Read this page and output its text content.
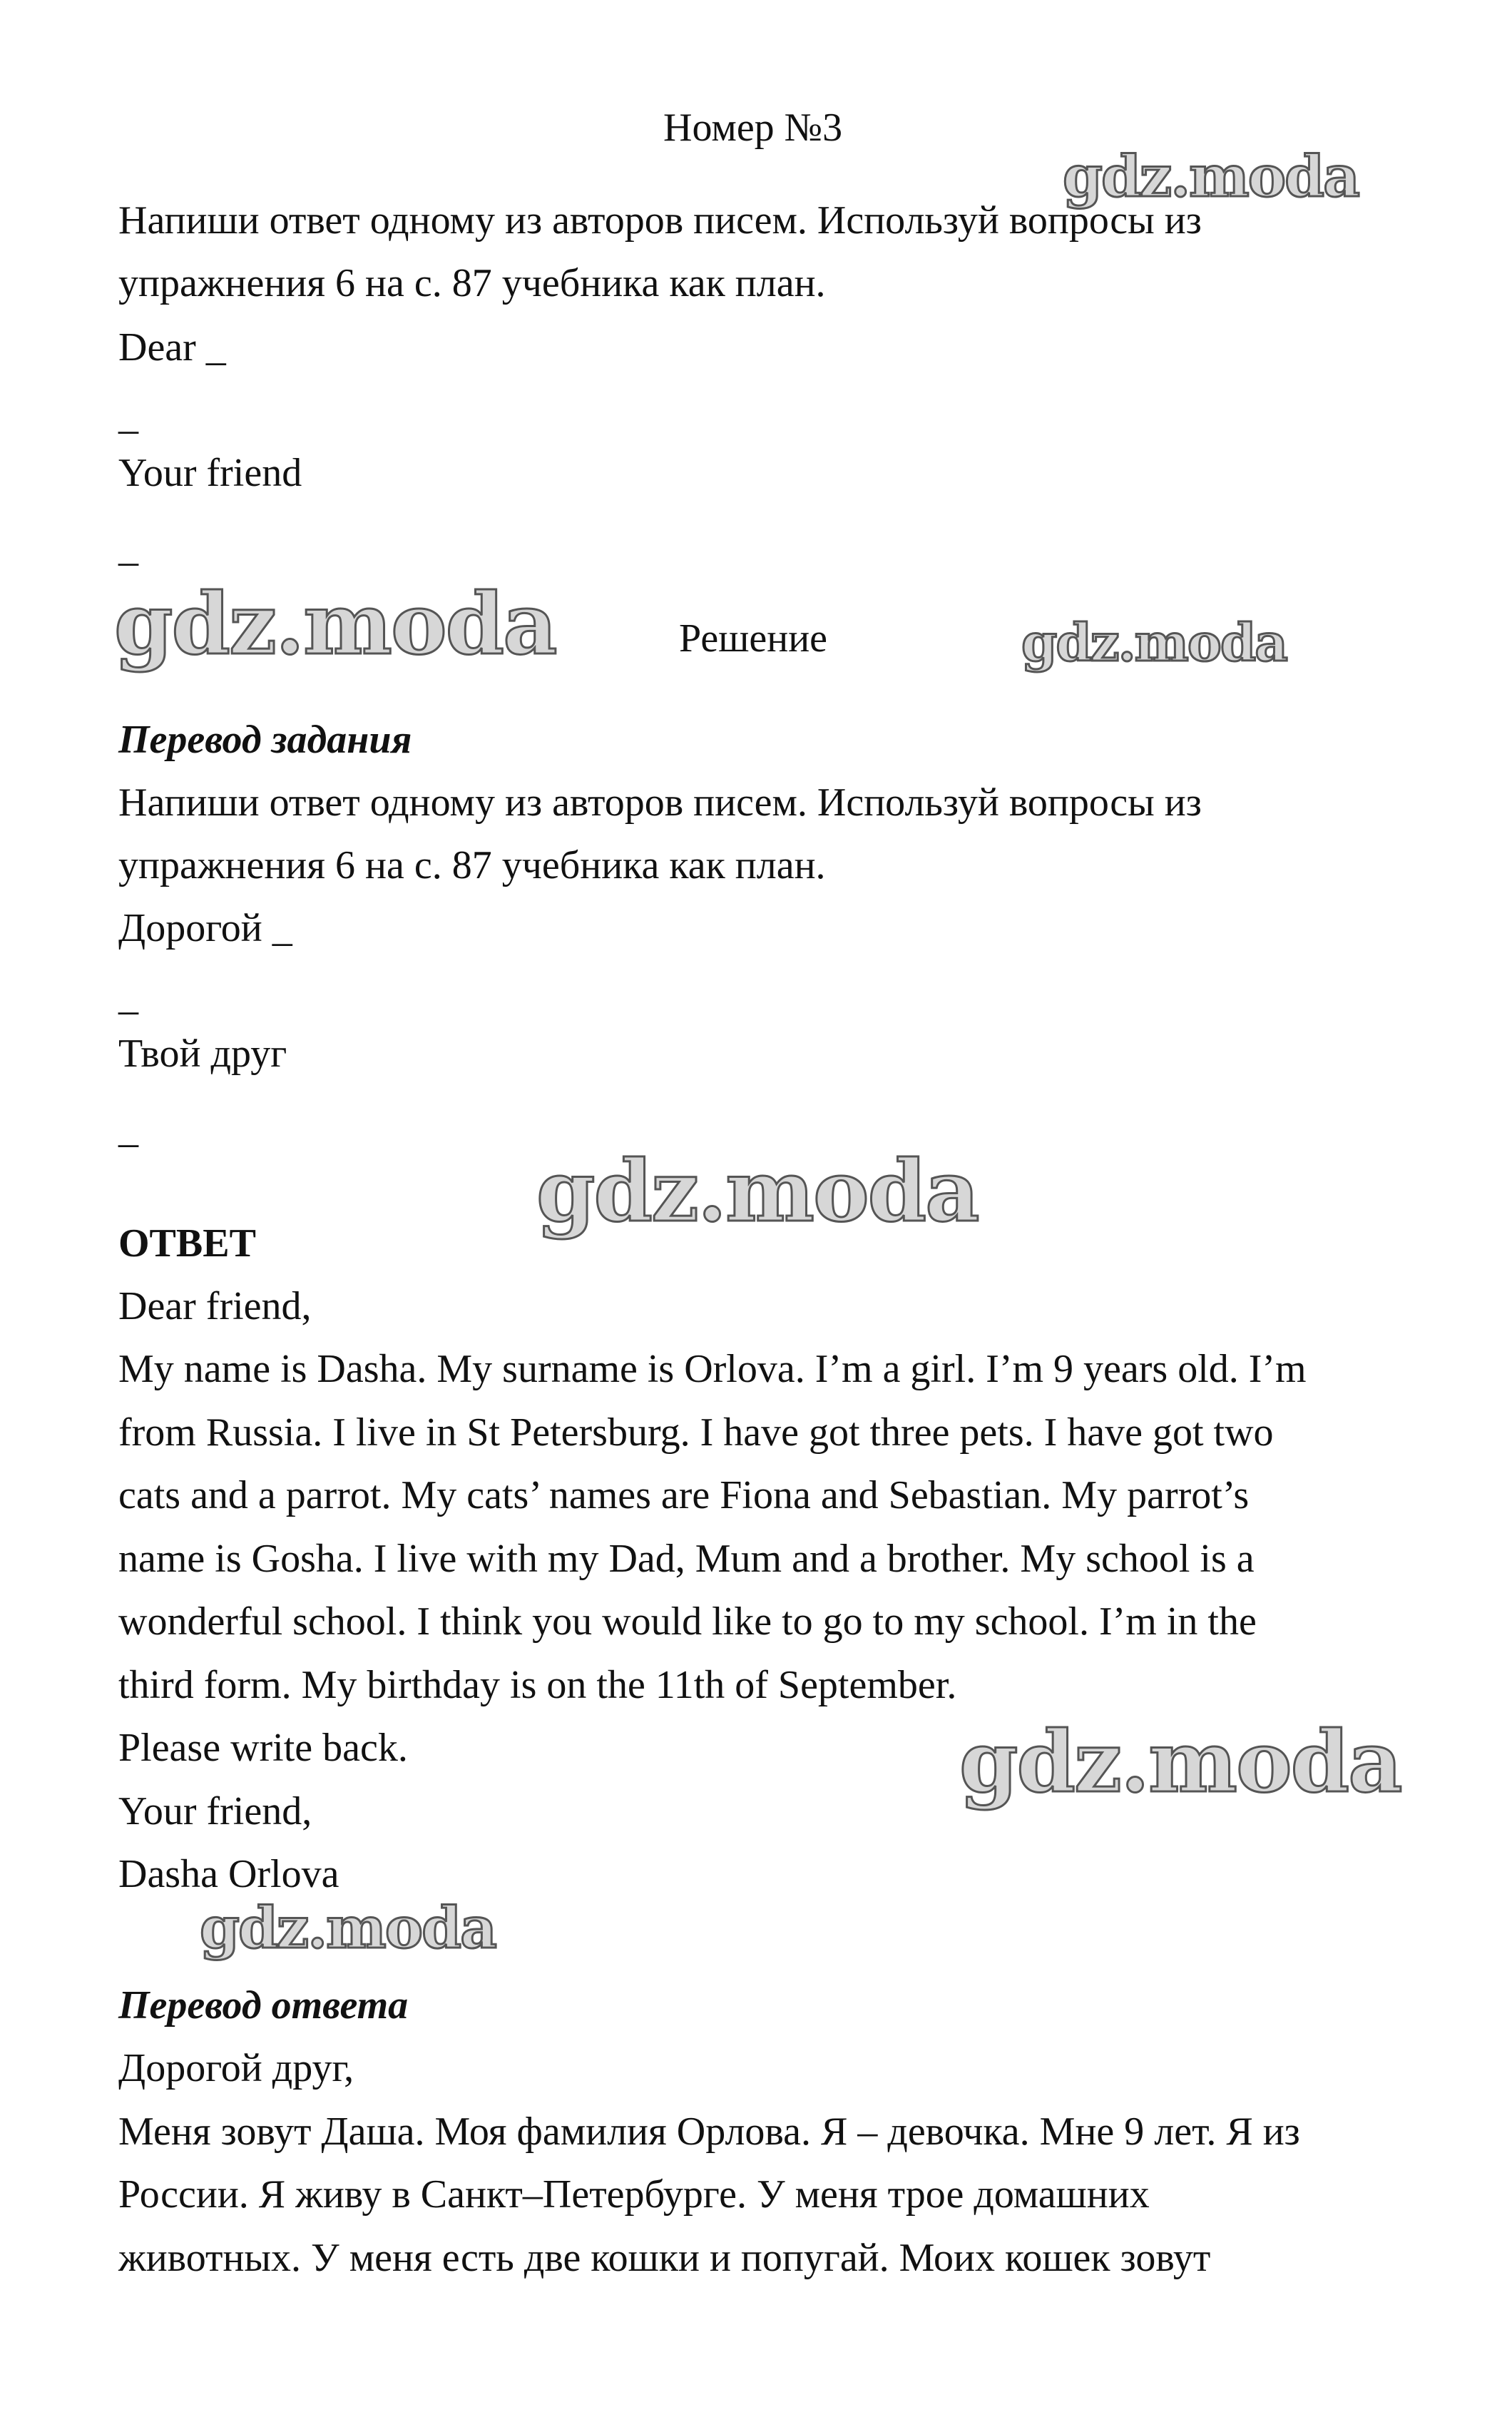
Номер №3
Напиши ответ одному из авторов писем. Используй вопросы из
упражнения 6 на с. 87 учебника как план.
Dear _
_
Your friend
_
Решение
Перевод задания
Напиши ответ одному из авторов писем. Используй вопросы из
упражнения 6 на с. 87 учебника как план.
Дорогой _
_
Твой друг
_
ОТВЕТ
Dear friend,
My name is Dasha. My surname is Orlova. I’m a girl. I’m 9 years old. I’m
from Russia. I live in St Petersburg. I have got three pets. I have got two
cats and a parrot. My cats’ names are Fiona and Sebastian. My parrot’s
name is Gosha. I live with my Dad, Mum and a brother. My school is a
wonderful school. I think you would like to go to my school. I’m in the
third form. My birthday is on the 11th of September.
Please write back.
Your friend,
Dasha Orlova
Перевод ответа
Дорогой друг,
Меня зовут Даша. Моя фамилия Орлова. Я – девочка. Мне 9 лет. Я из
России. Я живу в Санкт–Петербурге. У меня трое домашних
животных. У меня есть две кошки и попугай. Моих кошек зовут
gdz.moda
gdz.moda	gdz.moda
gdz.moda
gdz.moda
gdz.moda
